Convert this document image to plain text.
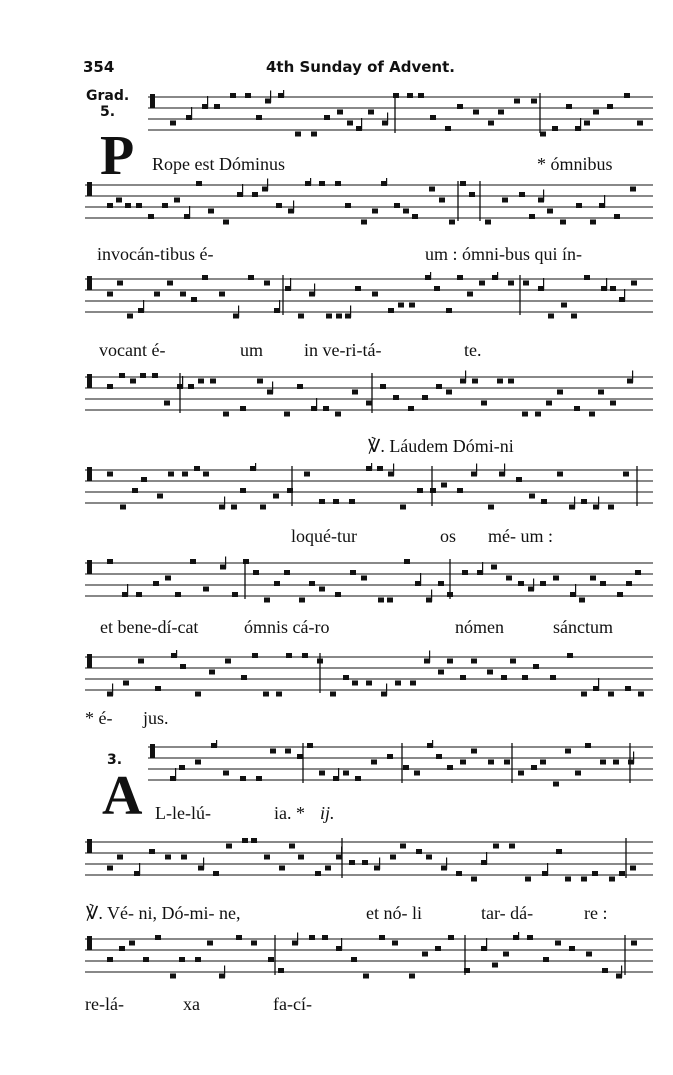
354	4th Sunday of Advent.
Grad.
5.
P Rope est Dóminus	* ómnibus
invocán-tibus é-	um : ómni-bus qui ín-
vocant é-	um in ve-ri-tá-	te.
℣. Láudem Dómi-ni
loqué-tur	os mé- um :
et bene-dí-cat	ómnis cá-ro	nómen	sánctum
* é- jus.
3.
A L-le-lú-	ia. * ij.
℣. Vé- ni, Dó-mi- ne,	et nó- li	tar- dá-	re :
re-lá-	xa	fa-cí-
